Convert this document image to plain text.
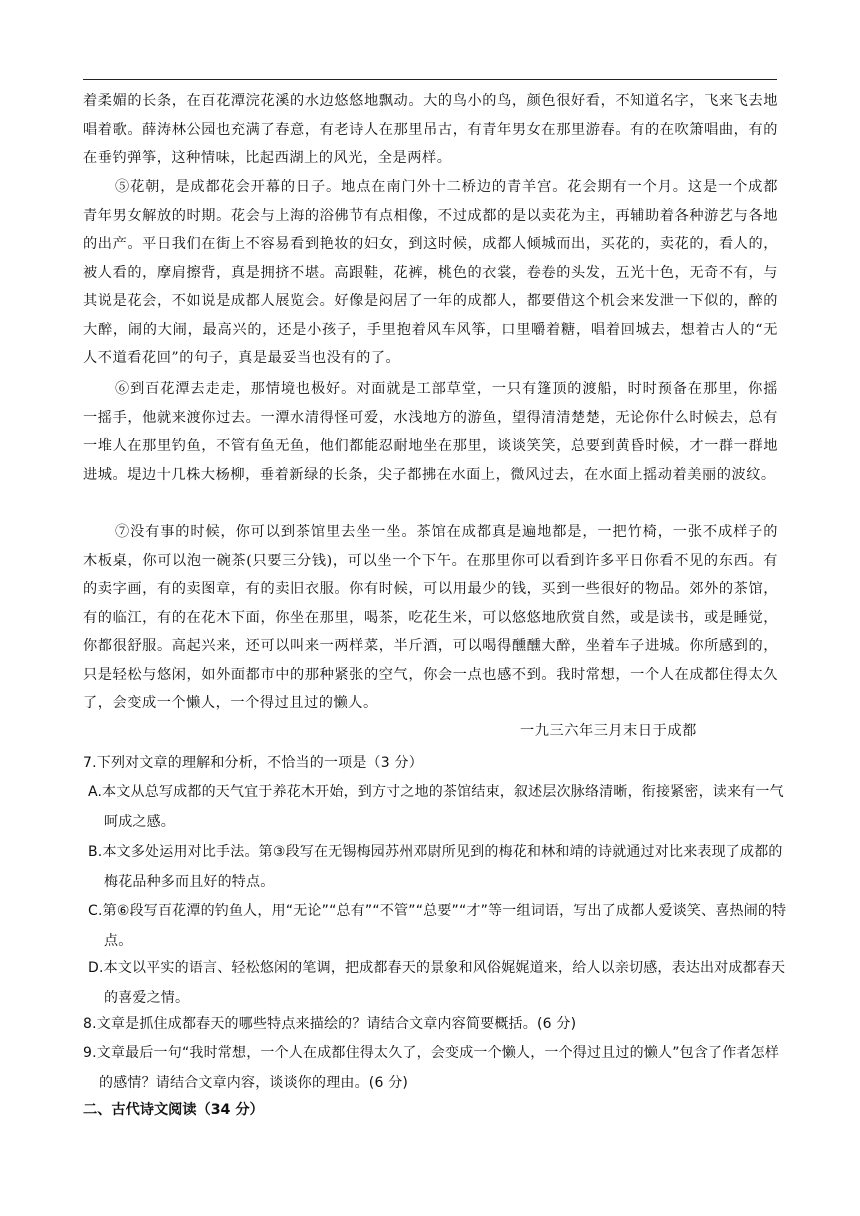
着柔媚的长条，在百花潭浣花溪的水边悠悠地飘动。大的鸟小的鸟，颜色很好看，不知道名字，飞来飞去地唱着歌。薛涛林公园也充满了春意，有老诗人在那里吊古，有青年男女在那里游春。有的在吹箫唱曲，有的在垂钓弹筝，这种情味，比起西湖上的风光，全是两样。

⑤花朝，是成都花会开幕的日子。地点在南门外十二桥边的青羊宫。花会期有一个月。这是一个成都青年男女解放的时期。花会与上海的浴佛节有点相像，不过成都的是以卖花为主，再辅助着各种游艺与各地的出产。平日我们在街上不容易看到艳妆的妇女，到这时候，成都人倾城而出，买花的，卖花的，看人的，被人看的，摩肩擦背，真是拥挤不堪。高跟鞋，花裤，桃色的衣裳，卷卷的头发，五光十色，无奇不有，与其说是花会，不如说是成都人展览会。好像是闷居了一年的成都人，都要借这个机会来发泄一下似的，醉的大醉，闹的大闹，最高兴的，还是小孩子，手里抱着风车风筝，口里嚼着糖，唱着回城去，想着古人的“无人不道看花回”的句子，真是最妥当也没有的了。

⑥到百花潭去走走，那情境也极好。对面就是工部草堂，一只有篷顶的渡船，时时预备在那里，你摇一摇手，他就来渡你过去。一潭水清得怪可爱，水浅地方的游鱼，望得清清楚楚，无论你什么时候去，总有一堆人在那里钓鱼，不管有鱼无鱼，他们都能忍耐地坐在那里，谈谈笑笑，总要到黄昏时候，才一群一群地进城。堤边十几株大杨柳，垂着新绿的长条，尖子都拂在水面上，微风过去，在水面上摇动着美丽的波纹。

⑦没有事的时候，你可以到茶馆里去坐一坐。茶馆在成都真是遍地都是，一把竹椅，一张不成样子的木板桌，你可以泡一碗茶(只要三分钱)，可以坐一个下午。在那里你可以看到许多平日你看不见的东西。有的卖字画，有的卖图章，有的卖旧衣服。你有时候，可以用最少的钱，买到一些很好的物品。郊外的茶馆，有的临江，有的在花木下面，你坐在那里，喝茶，吃花生米，可以悠悠地欣赏自然，或是读书，或是睡觉，你都很舒服。高起兴来，还可以叫来一两样菜，半斤酒，可以喝得醺醺大醉，坐着车子进城。你所感到的，只是轻松与悠闲，如外面都市中的那种紧张的空气，你会一点也感不到。我时常想，一个人在成都住得太久了，会变成一个懒人，一个得过且过的懒人。

一九三六年三月末日于成都

7.下列对文章的理解和分析，不恰当的一项是（3 分）

A.本文从总写成都的天气宜于养花木开始，到方寸之地的茶馆结束，叙述层次脉络清晰，衔接紧密，读来有一气呵成之感。

B.本文多处运用对比手法。第③段写在无锡梅园苏州邓尉所见到的梅花和林和靖的诗就通过对比来表现了成都的梅花品种多而且好的特点。

C.第⑥段写百花潭的钓鱼人，用“无论”“总有”“不管”“总要”“才”等一组词语，写出了成都人爱谈笑、喜热闹的特点。

D.本文以平实的语言、轻松悠闲的笔调，把成都春天的景象和风俗娓娓道来，给人以亲切感，表达出对成都春天的喜爱之情。

8.文章是抓住成都春天的哪些特点来描绘的？请结合文章内容简要概括。(6 分)

9.文章最后一句“我时常想，一个人在成都住得太久了，会变成一个懒人，一个得过且过的懒人”包含了作者怎样的感情？请结合文章内容，谈谈你的理由。(6 分)

二、古代诗文阅读（34 分）
